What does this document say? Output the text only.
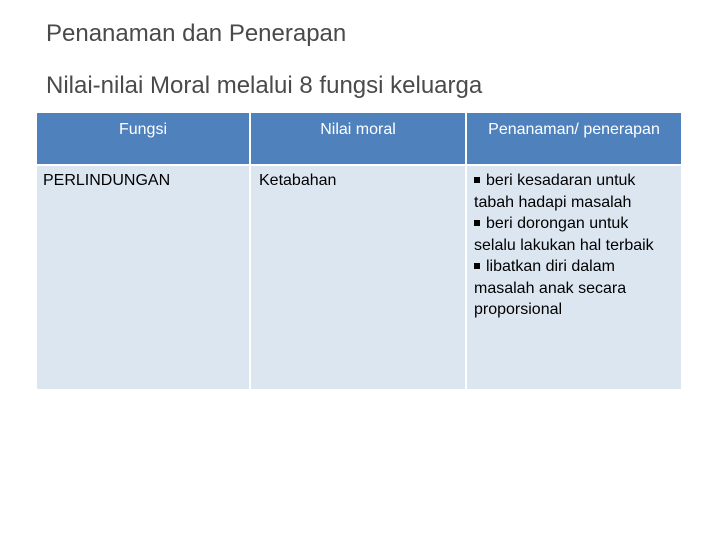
Penanaman dan Penerapan
Nilai-nilai Moral melalui 8 fungsi keluarga
Fungsi	Nilai moral	Penanaman/ penerapan
PERLINDUNGAN	Ketabahan	beri kesadaran untuk tabah hadapi masalah
beri dorongan untuk selalu lakukan hal terbaik
libatkan diri dalam masalah anak secara proporsional
